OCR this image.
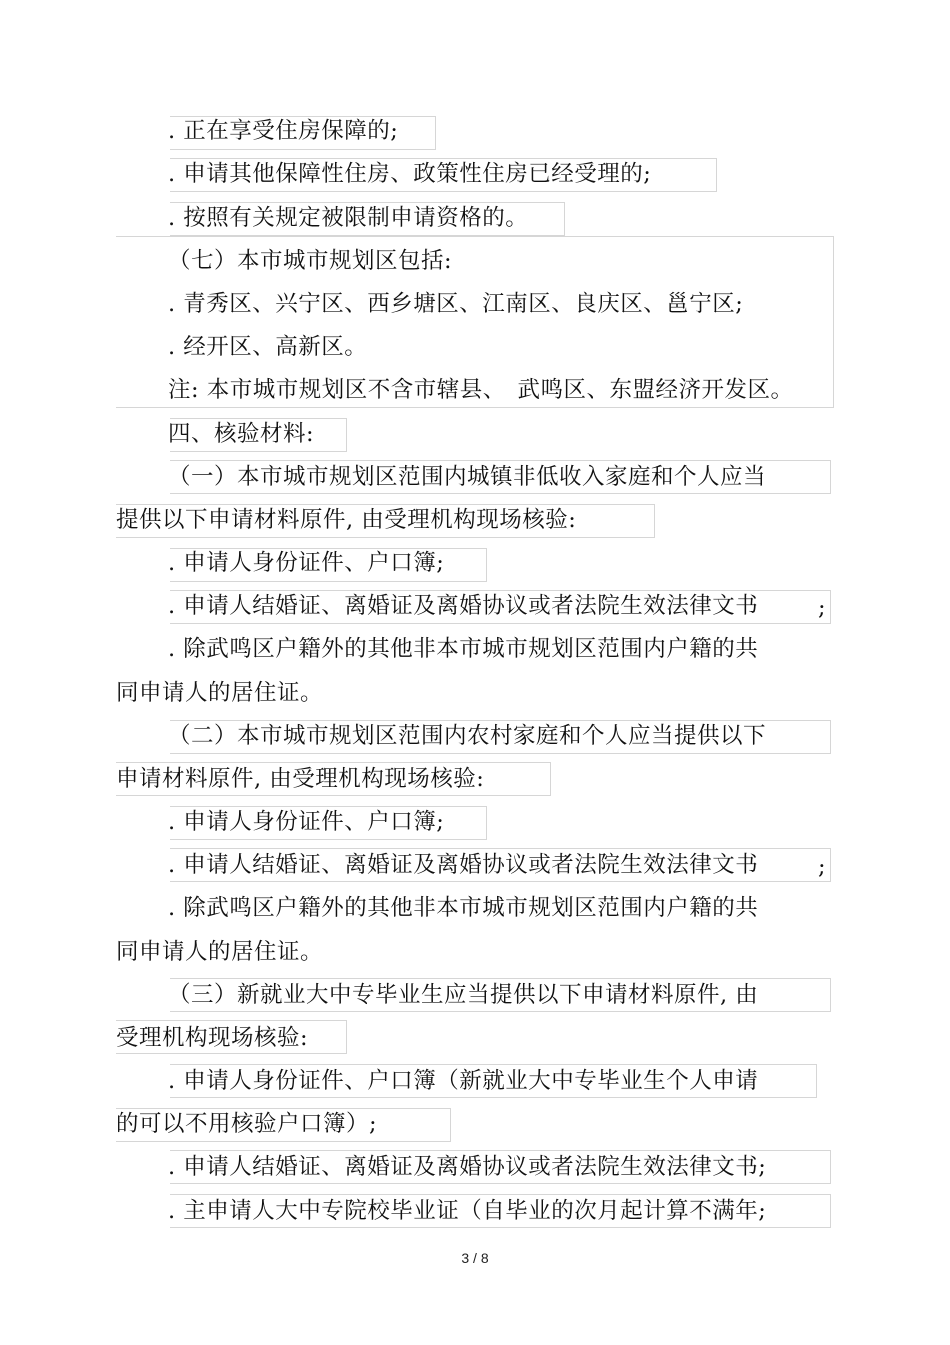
. 正在享受住房保障的;
. 申请其他保障性住房、政策性住房已经受理的;
. 按照有关规定被限制申请资格的。
（七）本市城市规划区包括:
. 青秀区、兴宁区、西乡塘区、江南区、良庆区、邕宁区;
. 经开区、高新区。
注: 本市城市规划区不含市辖县、　武鸣区、东盟经济开发区。
四、核验材料:
（一）本市城市规划区范围内城镇非低收入家庭和个人应当
提供以下申请材料原件, 由受理机构现场核验:
. 申请人身份证件、户口簿;
. 申请人结婚证、离婚证及离婚协议或者法院生效法律文书	;
. 除武鸣区户籍外的其他非本市城市规划区范围内户籍的共
同申请人的居住证。
（二）本市城市规划区范围内农村家庭和个人应当提供以下
申请材料原件, 由受理机构现场核验:
. 申请人身份证件、户口簿;
. 申请人结婚证、离婚证及离婚协议或者法院生效法律文书	;
. 除武鸣区户籍外的其他非本市城市规划区范围内户籍的共
同申请人的居住证。
（三）新就业大中专毕业生应当提供以下申请材料原件, 由
受理机构现场核验:
. 申请人身份证件、户口簿（新就业大中专毕业生个人申请
的可以不用核验户口簿）;
. 申请人结婚证、离婚证及离婚协议或者法院生效法律文书;
. 主申请人大中专院校毕业证（自毕业的次月起计算不满年;
3 / 8
